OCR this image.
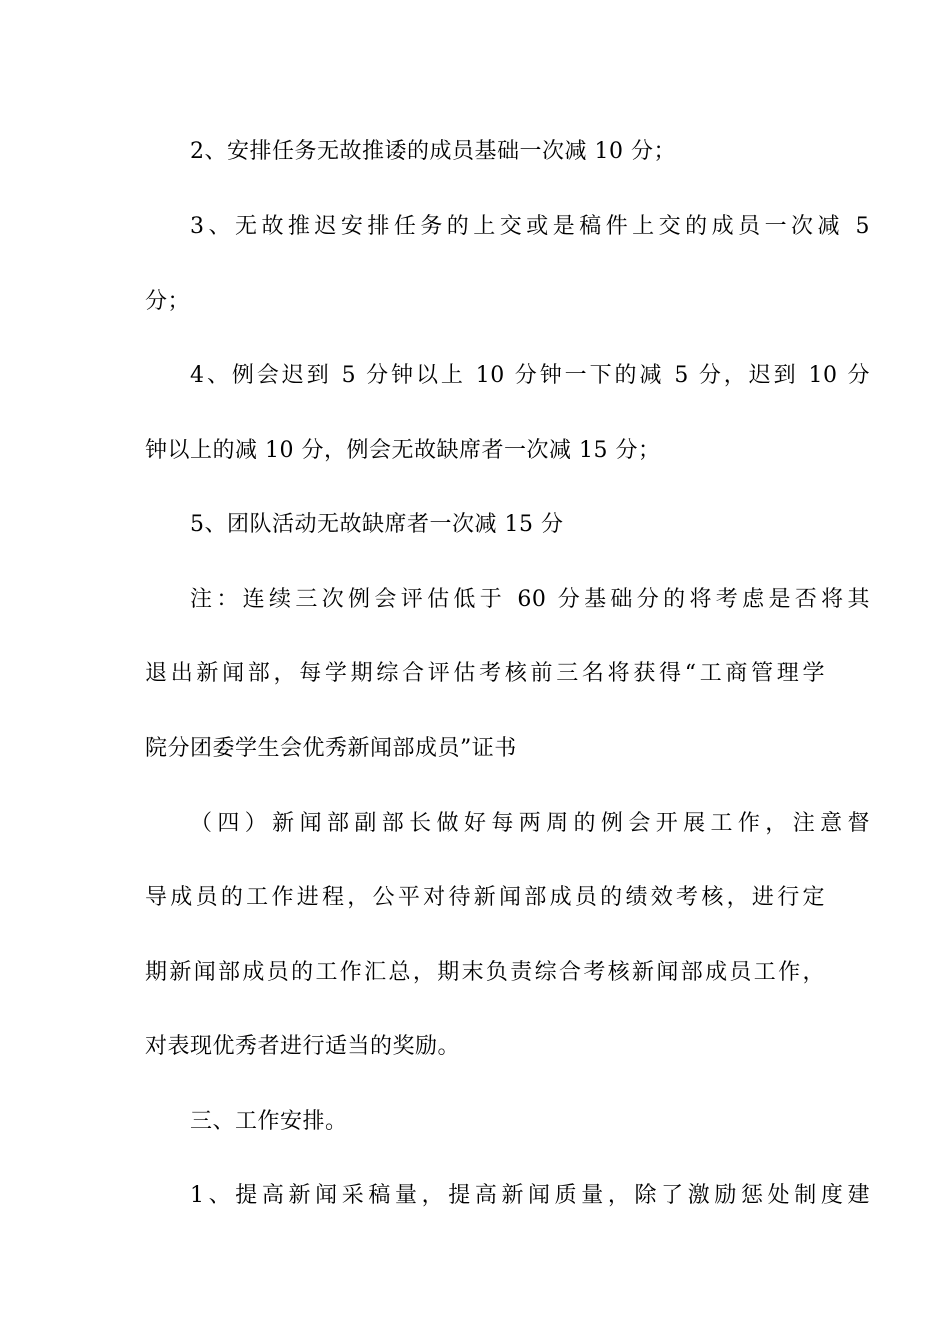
2、安排任务无故推诿的成员基础一次减 10 分；
3、无故推迟安排任务的上交或是稿件上交的成员一次减 5
分；
4、例会迟到 5 分钟以上 10 分钟一下的减 5 分，迟到 10 分
钟以上的减 10 分，例会无故缺席者一次减 15 分；
5、团队活动无故缺席者一次减 15 分
注：连续三次例会评估低于 60 分基础分的将考虑是否将其
退出新闻部，每学期综合评估考核前三名将获得“工商管理学
院分团委学生会优秀新闻部成员”证书
（四）新闻部副部长做好每两周的例会开展工作，注意督
导成员的工作进程，公平对待新闻部成员的绩效考核，进行定
期新闻部成员的工作汇总，期末负责综合考核新闻部成员工作，
对表现优秀者进行适当的奖励。
三、工作安排。
1、提高新闻采稿量，提高新闻质量，除了激励惩处制度建
